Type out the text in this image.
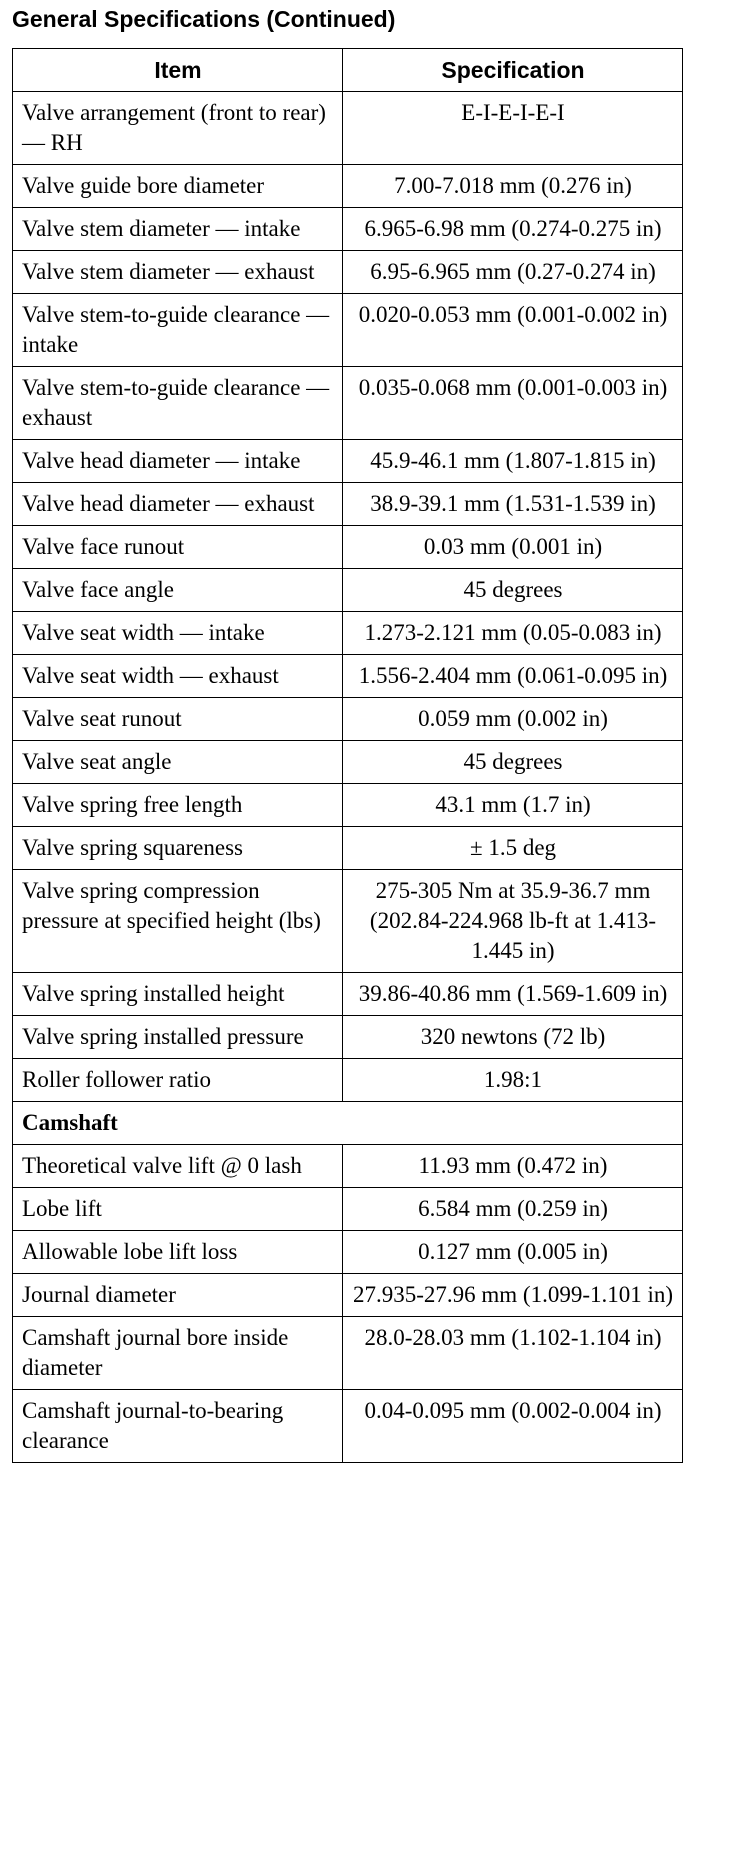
General Specifications (Continued)
Item	Specification
Valve arrangement (front to rear) — RH	E-I-E-I-E-I
Valve guide bore diameter	7.00-7.018 mm (0.276 in)
Valve stem diameter — intake	6.965-6.98 mm (0.274-0.275 in)
Valve stem diameter — exhaust	6.95-6.965 mm (0.27-0.274 in)
Valve stem-to-guide clearance — intake	0.020-0.053 mm (0.001-0.002 in)
Valve stem-to-guide clearance — exhaust	0.035-0.068 mm (0.001-0.003 in)
Valve head diameter — intake	45.9-46.1 mm (1.807-1.815 in)
Valve head diameter — exhaust	38.9-39.1 mm (1.531-1.539 in)
Valve face runout	0.03 mm (0.001 in)
Valve face angle	45 degrees
Valve seat width — intake	1.273-2.121 mm (0.05-0.083 in)
Valve seat width — exhaust	1.556-2.404 mm (0.061-0.095 in)
Valve seat runout	0.059 mm (0.002 in)
Valve seat angle	45 degrees
Valve spring free length	43.1 mm (1.7 in)
Valve spring squareness	± 1.5 deg
Valve spring compression pressure at specified height (lbs)	275-305 Nm at 35.9-36.7 mm (202.84-224.968 lb-ft at 1.413-1.445 in)
Valve spring installed height	39.86-40.86 mm (1.569-1.609 in)
Valve spring installed pressure	320 newtons (72 lb)
Roller follower ratio	1.98:1
Camshaft	
Theoretical valve lift @ 0 lash	11.93 mm (0.472 in)
Lobe lift	6.584 mm (0.259 in)
Allowable lobe lift loss	0.127 mm (0.005 in)
Journal diameter	27.935-27.96 mm (1.099-1.101 in)
Camshaft journal bore inside diameter	28.0-28.03 mm (1.102-1.104 in)
Camshaft journal-to-bearing clearance	0.04-0.095 mm (0.002-0.004 in)
